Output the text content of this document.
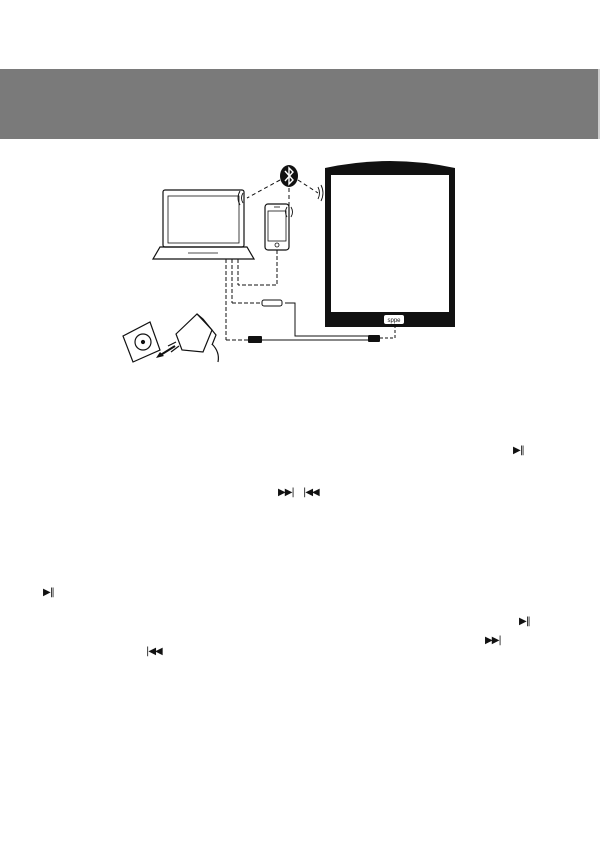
sppe
▶‖
▶▶| |◀◀
▶‖
▶‖
▶▶|
|◀◀
